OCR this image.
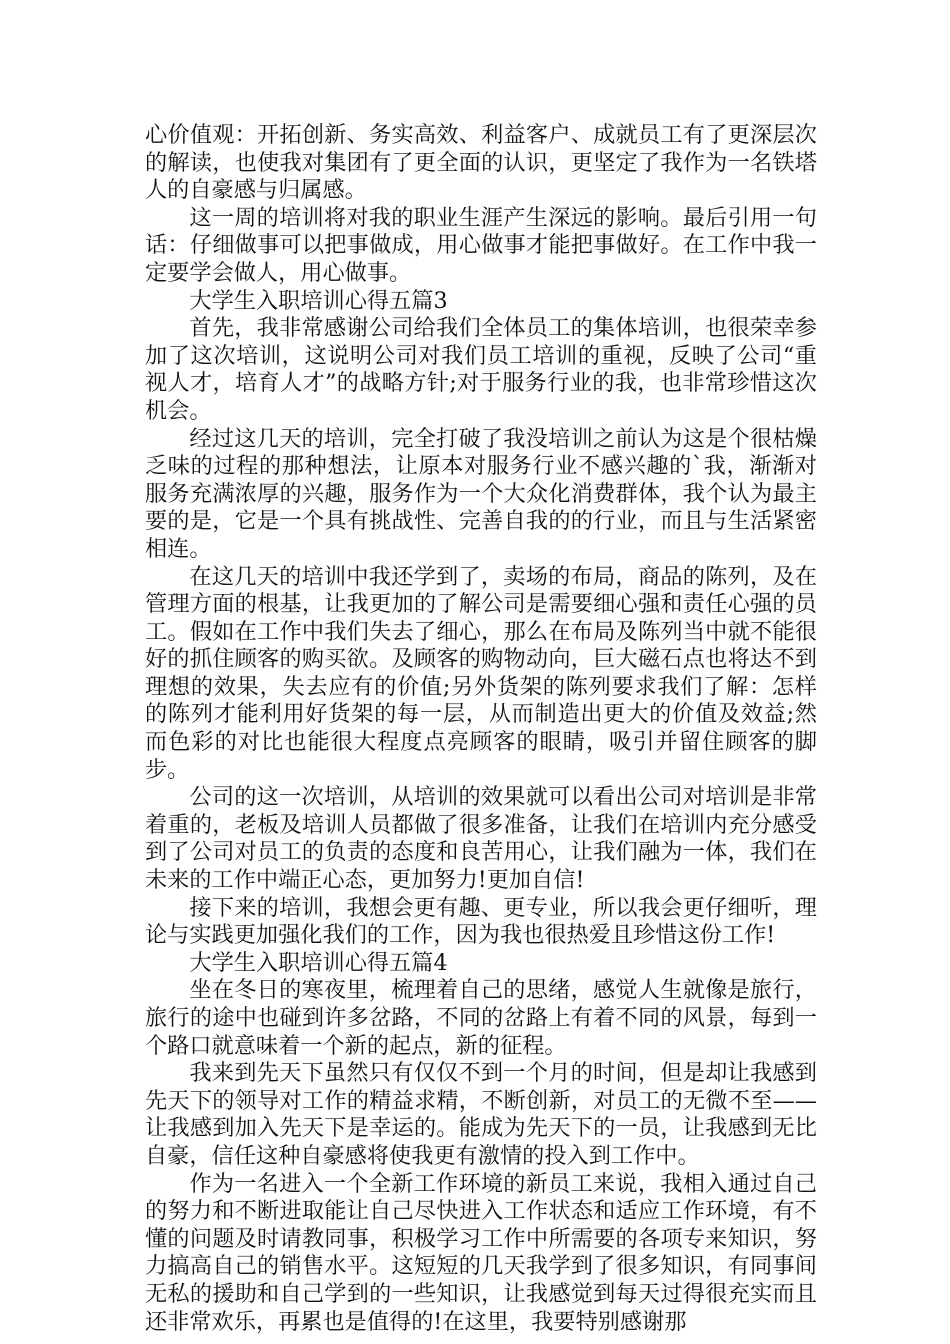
心价值观：开拓创新、务实高效、利益客户、成就员工有了更深层次的解读，也使我对集团有了更全面的认识，更坚定了我作为一名铁塔人的自豪感与归属感。

这一周的培训将对我的职业生涯产生深远的影响。最后引用一句话：仔细做事可以把事做成，用心做事才能把事做好。在工作中我一定要学会做人，用心做事。

大学生入职培训心得五篇3

首先，我非常感谢公司给我们全体员工的集体培训，也很荣幸参加了这次培训，这说明公司对我们员工培训的重视，反映了公司“重视人才，培育人才”的战略方针;对于服务行业的我，也非常珍惜这次机会。

经过这几天的培训，完全打破了我没培训之前认为这是个很枯燥乏味的过程的那种想法，让原本对服务行业不感兴趣的`我，渐渐对服务充满浓厚的兴趣，服务作为一个大众化消费群体，我个认为最主要的是，它是一个具有挑战性、完善自我的的行业，而且与生活紧密相连。

在这几天的培训中我还学到了，卖场的布局，商品的陈列，及在管理方面的根基，让我更加的了解公司是需要细心强和责任心强的员工。假如在工作中我们失去了细心，那么在布局及陈列当中就不能很好的抓住顾客的购买欲。及顾客的购物动向，巨大磁石点也将达不到理想的效果，失去应有的价值;另外货架的陈列要求我们了解：怎样的陈列才能利用好货架的每一层，从而制造出更大的价值及效益;然而色彩的对比也能很大程度点亮顾客的眼睛，吸引并留住顾客的脚步。

公司的这一次培训，从培训的效果就可以看出公司对培训是非常着重的，老板及培训人员都做了很多准备，让我们在培训内充分感受到了公司对员工的负责的态度和良苦用心，让我们融为一体，我们在未来的工作中端正心态，更加努力!更加自信!

接下来的培训，我想会更有趣、更专业，所以我会更仔细听，理论与实践更加强化我们的工作，因为我也很热爱且珍惜这份工作!

大学生入职培训心得五篇4

坐在冬日的寒夜里，梳理着自己的思绪，感觉人生就像是旅行，旅行的途中也碰到许多岔路，不同的岔路上有着不同的风景，每到一个路口就意味着一个新的起点，新的征程。

我来到先天下虽然只有仅仅不到一个月的时间，但是却让我感到先天下的领导对工作的精益求精，不断创新，对员工的无微不至——让我感到加入先天下是幸运的。能成为先天下的一员，让我感到无比自豪，信任这种自豪感将使我更有激情的投入到工作中。

作为一名进入一个全新工作环境的新员工来说，我相入通过自己的努力和不断进取能让自己尽快进入工作状态和适应工作环境，有不懂的问题及时请教同事，积极学习工作中所需要的各项专来知识，努力搞高自己的销售水平。这短短的几天我学到了很多知识，有同事间无私的援助和自己学到的一些知识，让我感觉到每天过得很充实而且还非常欢乐，再累也是值得的!在这里，我要特别感谢那
